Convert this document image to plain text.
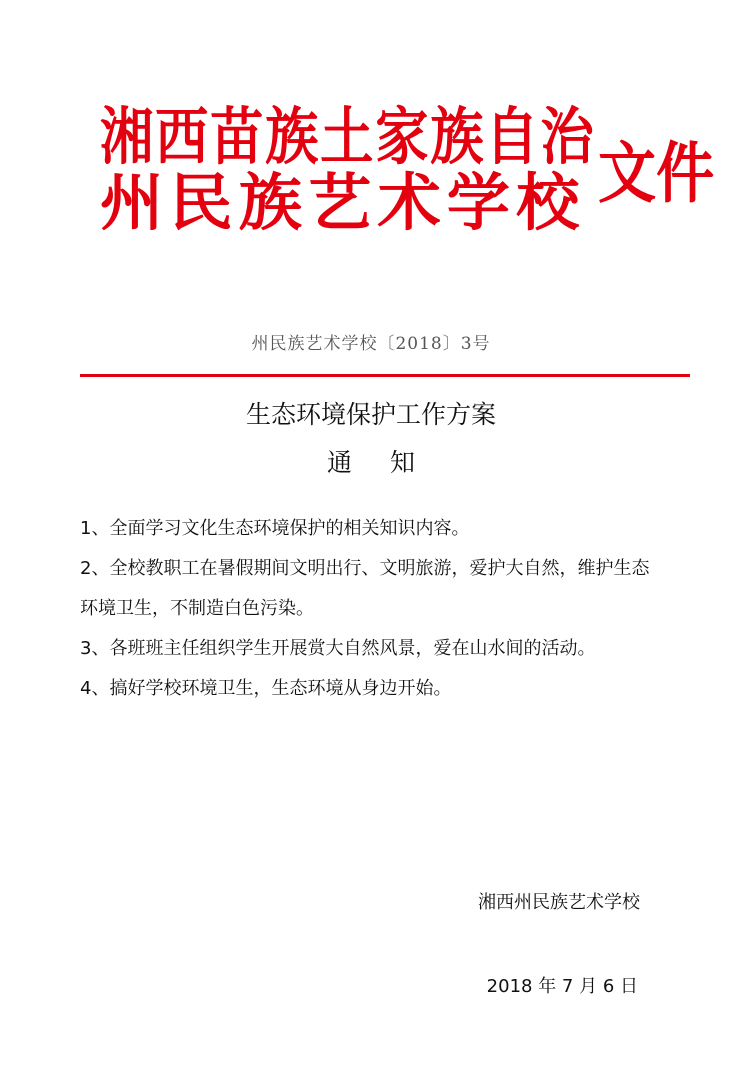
湘西苗族土家族自治
州民族艺术学校 文件
州民族艺术学校〔2018〕3号
生态环境保护工作方案
通知

1、全面学习文化生态环境保护的相关知识内容。

2、全校教职工在暑假期间文明出行、文明旅游，爱护大自然，维护生态环境卫生，不制造白色污染。

3、各班班主任组织学生开展赏大自然风景，爱在山水间的活动。

4、搞好学校环境卫生，生态环境从身边开始。

湘西州民族艺术学校
2018 年 7 月 6 日
